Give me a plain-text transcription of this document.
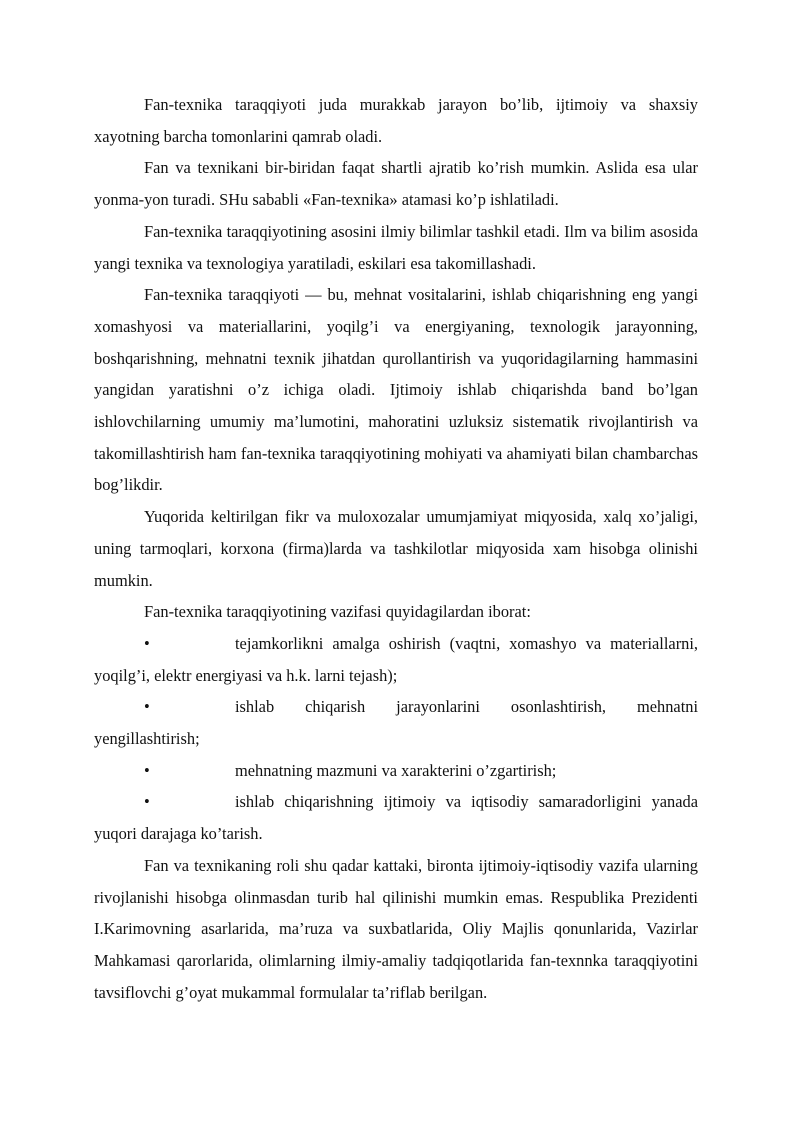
Fan-texnika taraqqiyoti juda murakkab jarayon bo’lib, ijtimoiy va shaxsiy xayotning barcha tomonlarini qamrab oladi.

Fan va texnikani bir-biridan faqat shartli ajratib ko’rish mumkin. Aslida esa ular yonma-yon turadi. SHu sababli «Fan-texnika» atamasi ko’p ishlatiladi.

Fan-texnika taraqqiyotining asosini ilmiy bilimlar tashkil etadi. Ilm va bilim asosida yangi texnika va texnologiya yaratiladi, eskilari esa takomillashadi.

Fan-texnika taraqqiyoti — bu, mehnat vositalarini, ishlab chiqarishning eng yangi xomashyosi va materiallarini, yoqilg’i va energiyaning, texnologik jarayonning, boshqarishning, mehnatni texnik jihatdan qurollantirish va yuqoridagilarning hammasini yangidan yaratishni o’z ichiga oladi. Ijtimoiy ishlab chiqarishda band bo’lgan ishlovchilarning umumiy ma’lumotini, mahoratini uzluksiz sistematik rivojlantirish va takomillashtirish ham fan-texnika taraqqiyotining mohiyati va ahamiyati bilan chambarchas bog’likdir.

Yuqorida keltirilgan fikr va muloxozalar umumjamiyat miqyosida, xalq xo’jaligi, uning tarmoqlari, korxona (firma)larda va tashkilotlar miqyosida xam hisobga olinishi mumkin.

Fan-texnika taraqqiyotining vazifasi quyidagilardan iborat:

•	tejamkorlikni amalga oshirish (vaqtni, xomashyo va materiallarni, yoqilg’i, elektr energiyasi va h.k. larni tejash);

•	ishlab chiqarish jarayonlarini osonlashtirish, mehnatni yengillashtirish;

•	mehnatning mazmuni va xarakterini o’zgartirish;

•	ishlab chiqarishning ijtimoiy va iqtisodiy samaradorligini yanada yuqori darajaga ko’tarish.

Fan va texnikaning roli shu qadar kattaki, bironta ijtimoiy-iqtisodiy vazifa ularning rivojlanishi hisobga olinmasdan turib hal qilinishi mumkin emas. Respublika Prezidenti I.Karimovning asarlarida, ma’ruza va suxbatlarida, Oliy Majlis qonunlarida, Vazirlar Mahkamasi qarorlarida, olimlarning ilmiy-amaliy tadqiqotlarida fan-texnnka taraqqiyotini tavsiflovchi g’oyat mukammal formulalar ta’riflab berilgan.
